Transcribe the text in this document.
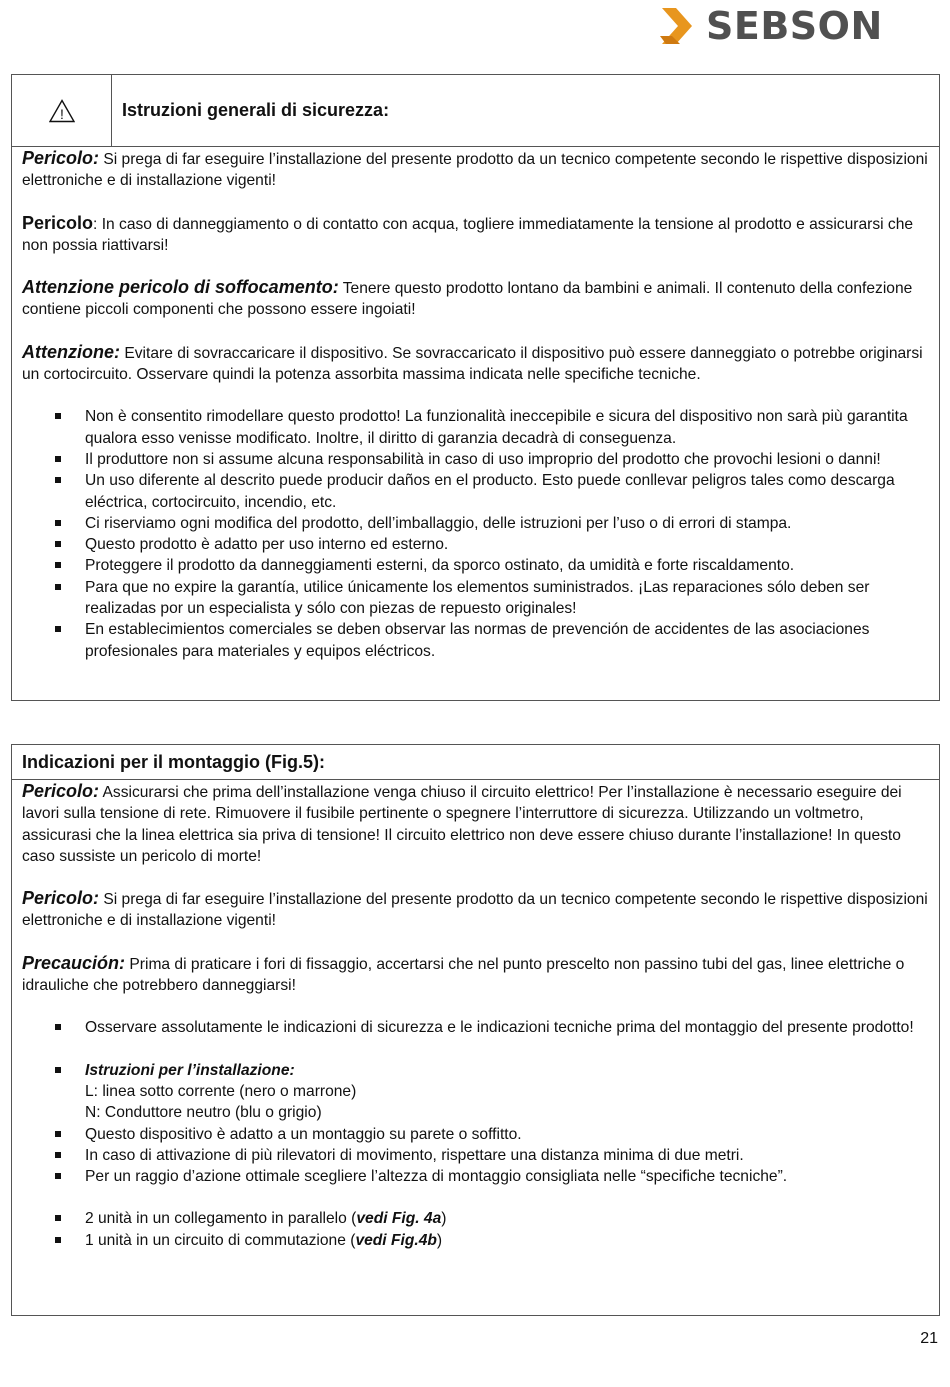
SEBSON
!	Istruzioni generali di sicurezza:

Pericolo: Si prega di far eseguire l’installazione del presente prodotto da un tecnico competente secondo le rispettive disposizioni elettroniche e di installazione vigenti!

Pericolo: In caso di danneggiamento o di contatto con acqua, togliere immediatamente la tensione al prodotto e assicurarsi che non possia riattivarsi!

Attenzione pericolo di soffocamento: Tenere questo prodotto lontano da bambini e animali. Il contenuto della confezione contiene piccoli componenti che possono essere ingoiati!

Attenzione: Evitare di sovraccaricare il dispositivo. Se sovraccaricato il dispositivo può essere danneggiato o potrebbe originarsi un cortocircuito. Osservare quindi la potenza assorbita massima indicata nelle specifiche tecniche.

Non è consentito rimodellare questo prodotto! La funzionalità ineccepibile e sicura del dispositivo non sarà più garantita qualora esso venisse modificato. Inoltre, il diritto di garanzia decadrà di conseguenza.
Il produttore non si assume alcuna responsabilità in caso di uso improprio del prodotto che provochi lesioni o danni!
Un uso diferente al descrito puede producir daños en el producto. Esto puede conllevar peligros tales como descarga eléctrica, cortocircuito, incendio, etc.
Ci riserviamo ogni modifica del prodotto, dell’imballaggio, delle istruzioni per l’uso o di errori di stampa.
Questo prodotto è adatto per uso interno ed esterno.
Proteggere il prodotto da danneggiamenti esterni, da sporco ostinato, da umidità e forte riscaldamento.
Para que no expire la garantía, utilice únicamente los elementos suministrados. ¡Las reparaciones sólo deben ser realizadas por un especialista y sólo con piezas de repuesto originales!
En establecimientos comerciales se deben observar las normas de prevención de accidentes de las asociaciones profesionales para materiales y equipos eléctricos.
Indicazioni per il montaggio (Fig.5):

Pericolo: Assicurarsi che prima dell’installazione venga chiuso il circuito elettrico! Per l’installazione è necessario eseguire dei lavori sulla tensione di rete. Rimuovere il fusibile pertinente o spegnere l’interruttore di sicurezza. Utilizzando un voltmetro, assicurasi che la linea elettrica sia priva di tensione! Il circuito elettrico non deve essere chiuso durante l’installazione! In questo caso sussiste un pericolo di morte!

Pericolo: Si prega di far eseguire l’installazione del presente prodotto da un tecnico competente secondo le rispettive disposizioni elettroniche e di installazione vigenti!

Precaución: Prima di praticare i fori di fissaggio, accertarsi che nel punto prescelto non passino tubi del gas, linee elettriche o idrauliche che potrebbero danneggiarsi!

Osservare assolutamente le indicazioni di sicurezza e le indicazioni tecniche prima del montaggio del presente prodotto!
Istruzioni per l’installazione:

L: linea sotto corrente (nero o marrone)

N: Conduttore neutro (blu o grigio)

Questo dispositivo è adatto a un montaggio su parete o soffitto.
In caso di attivazione di più rilevatori di movimento, rispettare una distanza minima di due metri.
Per un raggio d’azione ottimale scegliere l’altezza di montaggio consigliata nelle “specifiche tecniche”.
2 unità in un collegamento in parallelo (vedi Fig. 4a)
1 unità in un circuito di commutazione (vedi Fig.4b)
21
